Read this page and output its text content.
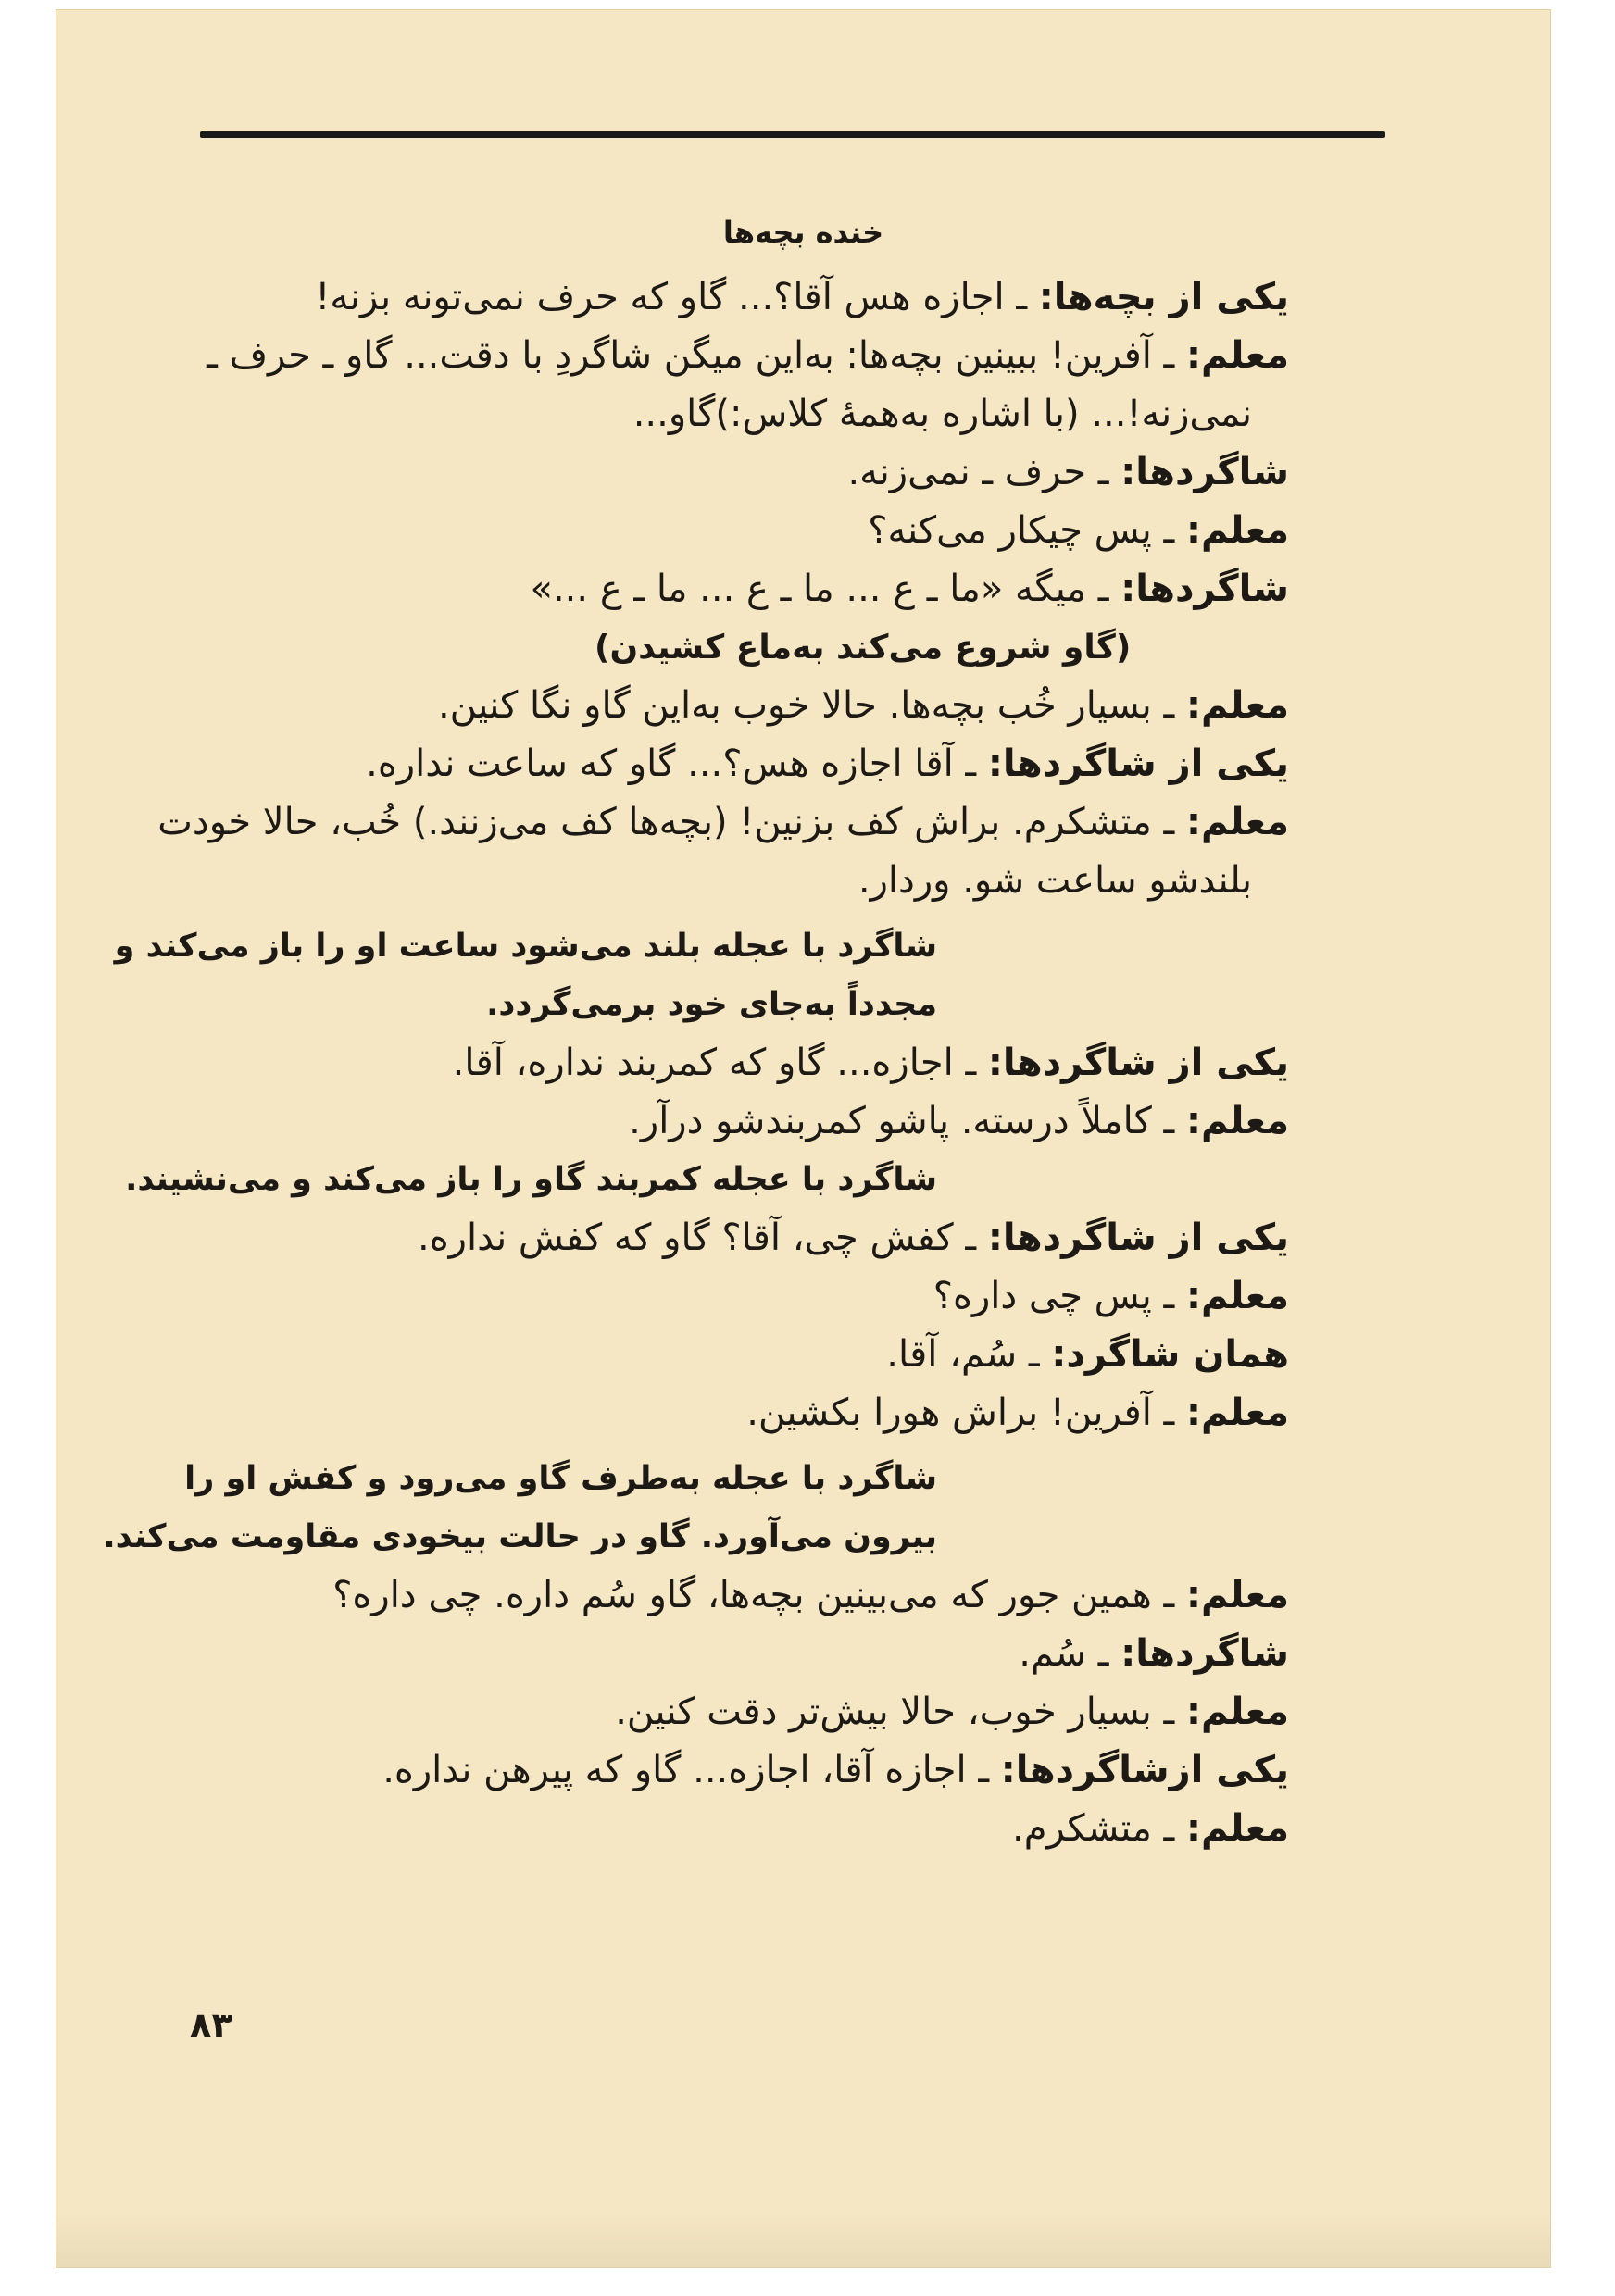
خنده بچه‌ها
یکی از بچه‌ها: ـ اجازه هس آقا؟... گاو که حرف نمی‌تونه بزنه!
معلم: ـ آفرین! ببینین بچه‌ها: به‌این میگن شاگردِ با دقت... گاو ـ حرف ـ
نمی‌زنه!... (با اشاره به‌همهٔ کلاس:)گاو...
شاگردها: ـ حرف ـ نمی‌زنه.
معلم: ـ پس چیکار می‌کنه؟
شاگردها: ـ میگه «ما ـ ع ... ما ـ ع ... ما ـ ع ...»
(گاو شروع می‌کند به‌ماع کشیدن)
معلم: ـ بسیار خُب بچه‌ها. حالا خوب به‌این گاو نگا کنین.
یکی از شاگردها: ـ آقا اجازه هس؟... گاو که ساعت نداره.
معلم: ـ متشکرم. براش کف بزنین! (بچه‌ها کف می‌زنند.) خُب، حالا خودت
بلندشو ساعت شو. وردار.
شاگرد با عجله بلند می‌شود ساعت او را باز می‌کند و
مجدداً به‌جای خود برمی‌گردد.
یکی از شاگردها: ـ اجازه... گاو که کمربند نداره، آقا.
معلم: ـ کاملاً درسته. پاشو کمربندشو درآر.
شاگرد با عجله کمربند گاو را باز می‌کند و می‌نشیند.
یکی از شاگردها: ـ کفش چی، آقا؟ گاو که کفش نداره.
معلم: ـ پس چی داره؟
همان شاگرد: ـ سُم، آقا.
معلم: ـ آفرین! براش هورا بکشین.
شاگرد با عجله به‌طرف گاو می‌رود و کفش او را
بیرون می‌آورد. گاو در حالت بیخودی مقاومت می‌کند.
معلم: ـ همین جور که می‌بینین بچه‌ها، گاو سُم داره. چی داره؟
شاگردها: ـ سُم.
معلم: ـ بسیار خوب، حالا بیش‌تر دقت کنین.
یکی ازشاگردها: ـ اجازه آقا، اجازه... گاو که پیرهن نداره.
معلم: ـ متشکرم.
۸۳
